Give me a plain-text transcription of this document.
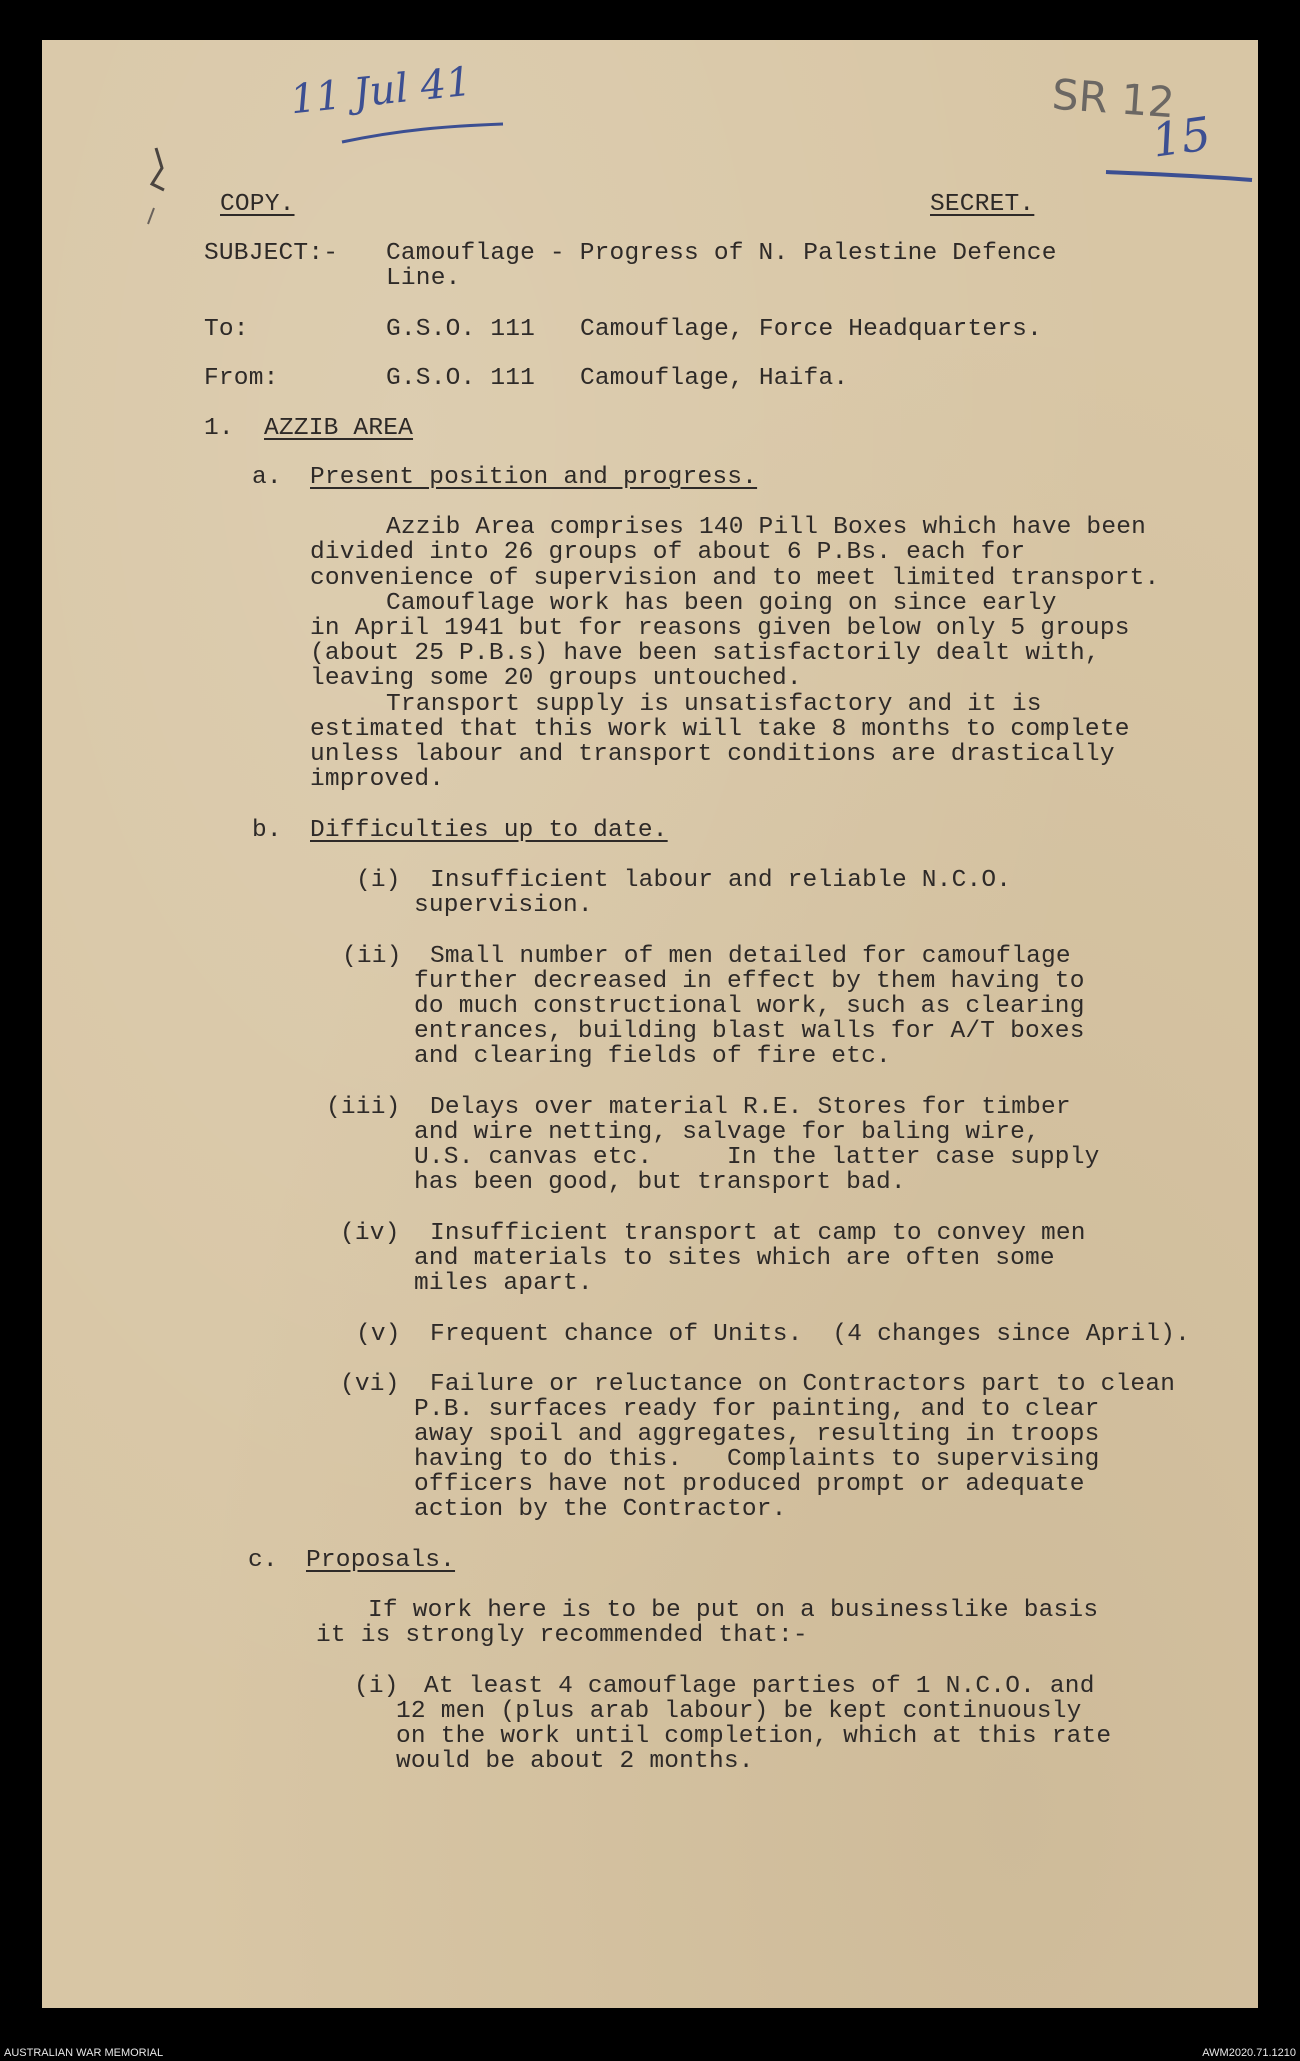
11 Jul 41	SR 12
15
COPY.	SECRET.
SUBJECT:- Camouflage - Progress of N. Palestine Defence
Line.
To:	G.S.O. 111 Camouflage, Force Headquarters.
From:	G.S.O. 111 Camouflage, Haifa.
1. AZZIB AREA
a. Present position and progress.
Azzib Area comprises 140 Pill Boxes which have been
divided into 26 groups of about 6 P.Bs. each for
convenience of supervision and to meet limited transport.
Camouflage work has been going on since early
in April 1941 but for reasons given below only 5 groups
(about 25 P.B.s) have been satisfactorily dealt with,
leaving some 20 groups untouched.
Transport supply is unsatisfactory and it is
estimated that this work will take 8 months to complete
unless labour and transport conditions are drastically
improved.
b. Difficulties up to date.
(i) Insufficient labour and reliable N.C.O.
supervision.
(ii) Small number of men detailed for camouflage
further decreased in effect by them having to
do much constructional work, such as clearing
entrances, building blast walls for A/T boxes
and clearing fields of fire etc.
(iii) Delays over material R.E. Stores for timber
and wire netting, salvage for baling wire,
U.S. canvas etc.     In the latter case supply
has been good, but transport bad.
(iv) Insufficient transport at camp to convey men
and materials to sites which are often some
miles apart.
(v) Frequent chance of Units.  (4 changes since April).
(vi) Failure or reluctance on Contractors part to clean
P.B. surfaces ready for painting, and to clear
away spoil and aggregates, resulting in troops
having to do this.   Complaints to supervising
officers have not produced prompt or adequate
action by the Contractor.
c. Proposals.
If work here is to be put on a businesslike basis
it is strongly recommended that:-
(i) At least 4 camouflage parties of 1 N.C.O. and
12 men (plus arab labour) be kept continuously
on the work until completion, which at this rate
would be about 2 months.
AUSTRALIAN WAR MEMORIAL	AWM2020.71.1210
